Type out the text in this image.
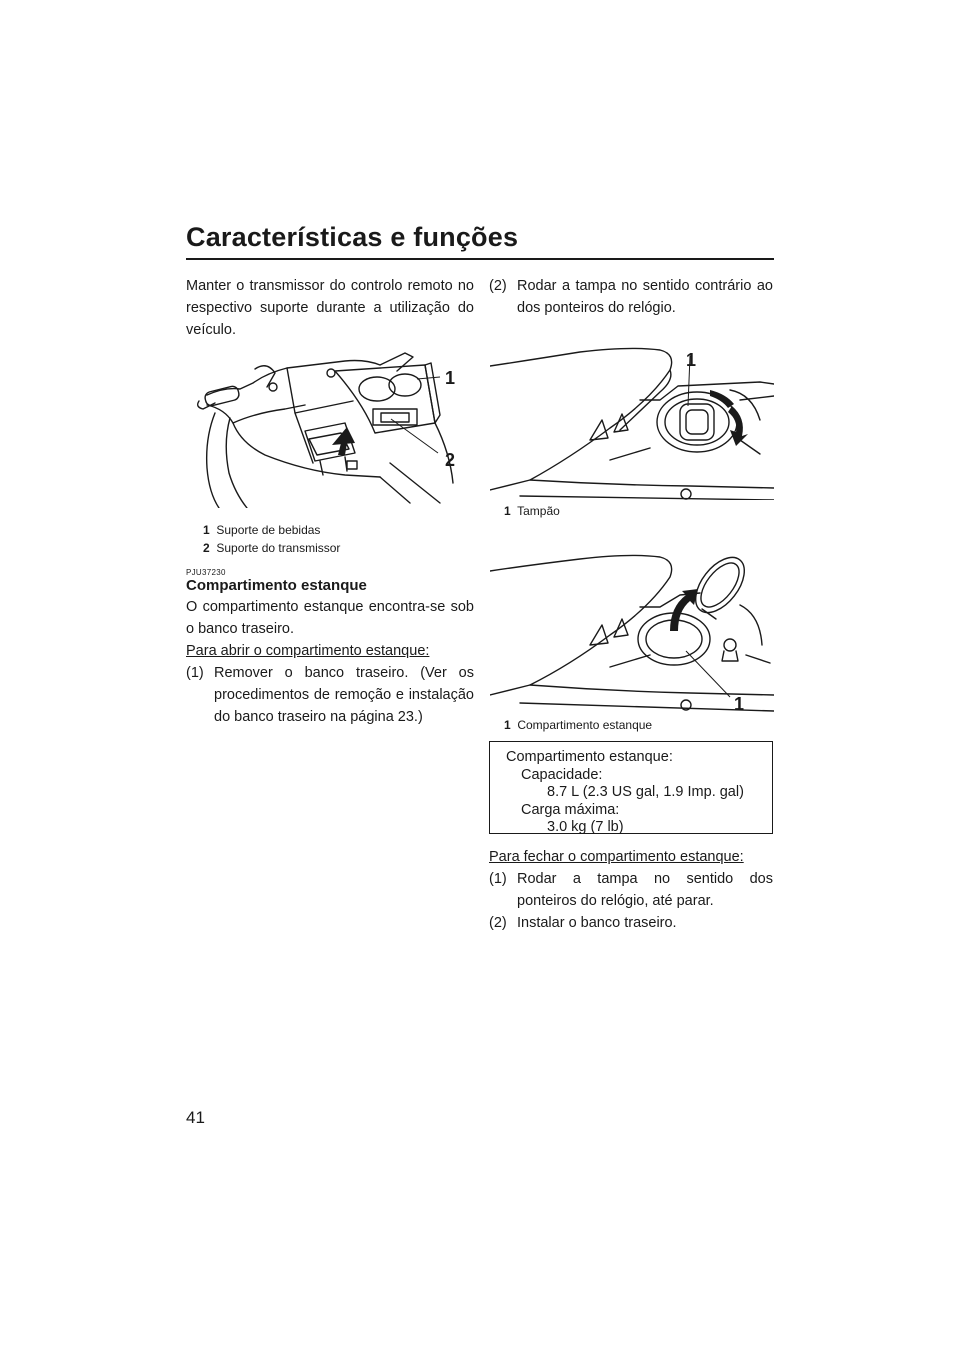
Características e funções
Manter o transmissor do controlo remoto no respectivo suporte durante a utilização do veículo.
1
2
1 Suporte de bebidas
2 Suporte do transmissor
PJU37230
Compartimento estanque
O compartimento estanque encontra-se sob o banco traseiro.
Para abrir o compartimento estanque:
(1) Remover o banco traseiro. (Ver os procedimentos de remoção e instalação do banco traseiro na página 23.)
(2) Rodar a tampa no sentido contrário ao dos ponteiros do relógio.
1
1 Tampão
1
1 Compartimento estanque
Compartimento estanque:
Capacidade:
8.7 L (2.3 US gal, 1.9 Imp. gal)
Carga máxima:
3.0 kg (7 lb)
Para fechar o compartimento estanque:
(1) Rodar a tampa no sentido dos ponteiros do relógio, até parar.
(2) Instalar o banco traseiro.
41
